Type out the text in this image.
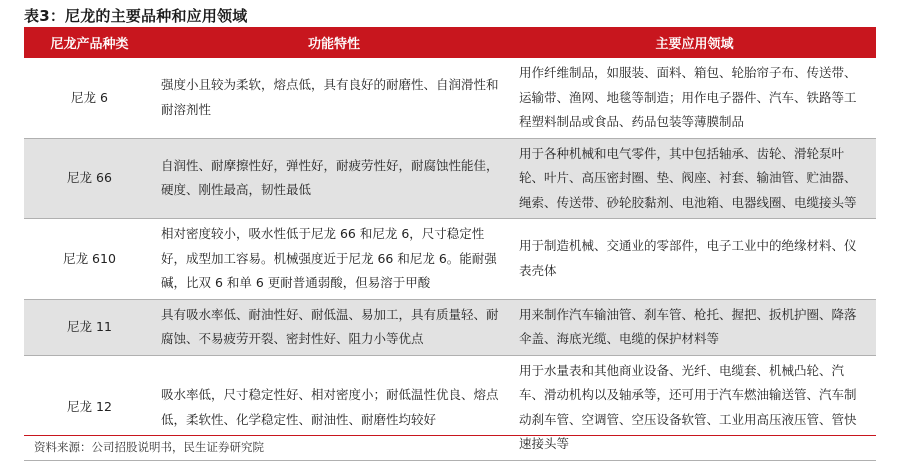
表3：尼龙的主要品种和应用领域
尼龙产品种类	功能特性	主要应用领域
尼龙 6	强度小且较为柔软，熔点低，具有良好的耐磨性、自润滑性和耐溶剂性	用作纤维制品，如服装、面料、箱包、轮胎帘子布、传送带、运输带、渔网、地毯等制造；用作电子器件、汽车、铁路等工程塑料制品或食品、药品包装等薄膜制品
尼龙 66	自润性、耐摩擦性好，弹性好，耐疲劳性好，耐腐蚀性能佳，硬度、刚性最高，韧性最低	用于各种机械和电气零件，其中包括轴承、齿轮、滑轮泵叶轮、叶片、高压密封圈、垫、阀座、衬套、输油管、贮油器、绳索、传送带、砂轮胶黏剂、电池箱、电器线圈、电缆接头等
尼龙 610	相对密度较小，吸水性低于尼龙 66 和尼龙 6，尺寸稳定性好，成型加工容易。机械强度近于尼龙 66 和尼龙 6。能耐强碱，比双 6 和单 6 更耐普通弱酸，但易溶于甲酸	用于制造机械、交通业的零部件，电子工业中的绝缘材料、仪表壳体
尼龙 11	具有吸水率低、耐油性好、耐低温、易加工，具有质量轻、耐腐蚀、不易疲劳开裂、密封性好、阻力小等优点	用来制作汽车输油管、刹车管、枪托、握把、扳机护圈、降落伞盖、海底光缆、电缆的保护材料等
尼龙 12	吸水率低，尺寸稳定性好、相对密度小；耐低温性优良、熔点低，柔软性、化学稳定性、耐油性、耐磨性均较好	用于水量表和其他商业设备、光纤、电缆套、机械凸轮、汽车、滑动机构以及轴承等，还可用于汽车燃油输送管、汽车制动刹车管、空调管、空压设备软管、工业用高压液压管、管快速接头等
资料来源：公司招股说明书，民生证券研究院
